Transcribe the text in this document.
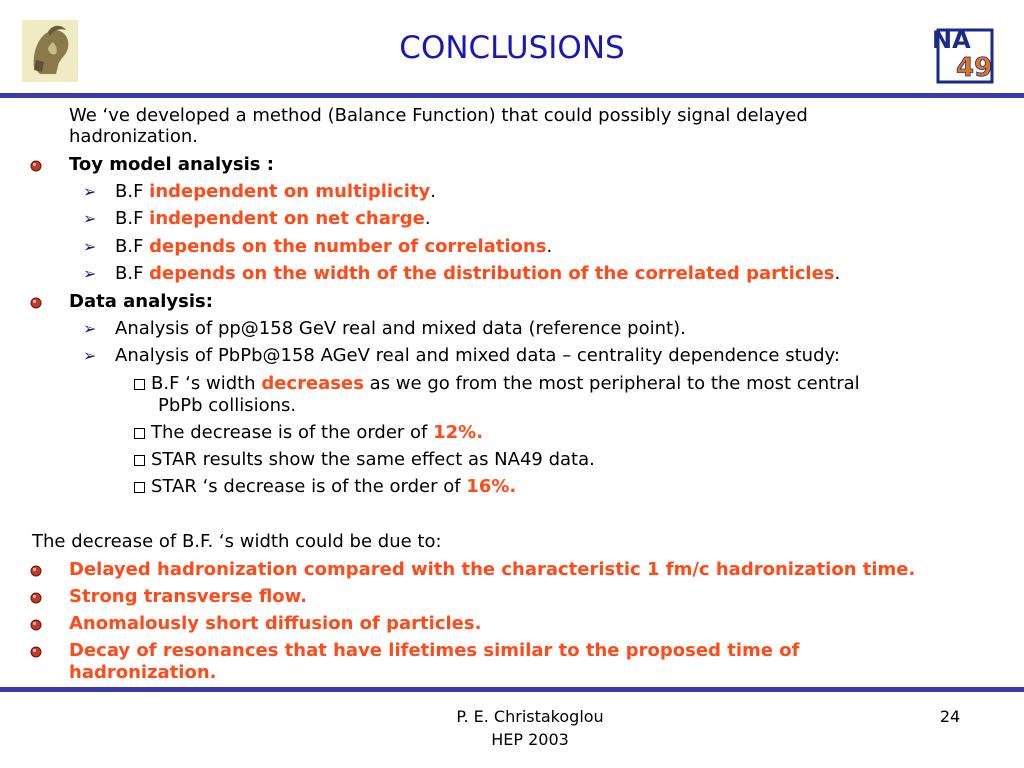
NA
49
CONCLUSIONS
We ‘ve developed a method (Balance Function) that could possibly signal delayed
hadronization.
Toy model analysis :
➢ B.F independent on multiplicity.
➢ B.F independent on net charge.
➢ B.F depends on the number of correlations.
➢ B.F depends on the width of the distribution of the correlated particles.
Data analysis:
➢ Analysis of pp@158 GeV real and mixed data (reference point).
➢ Analysis of PbPb@158 AGeV real and mixed data – centrality dependence study:
B.F ‘s width decreases as we go from the most peripheral to the most central
PbPb collisions.
The decrease is of the order of 12%.
STAR results show the same effect as NA49 data.
STAR ‘s decrease is of the order of 16%.
The decrease of B.F. ‘s width could be due to:
Delayed hadronization compared with the characteristic 1 fm/c hadronization time.
Strong transverse flow.
Anomalously short diffusion of particles.
Decay of resonances that have lifetimes similar to the proposed time of
hadronization.
P. E. Christakoglou
HEP 2003
24
